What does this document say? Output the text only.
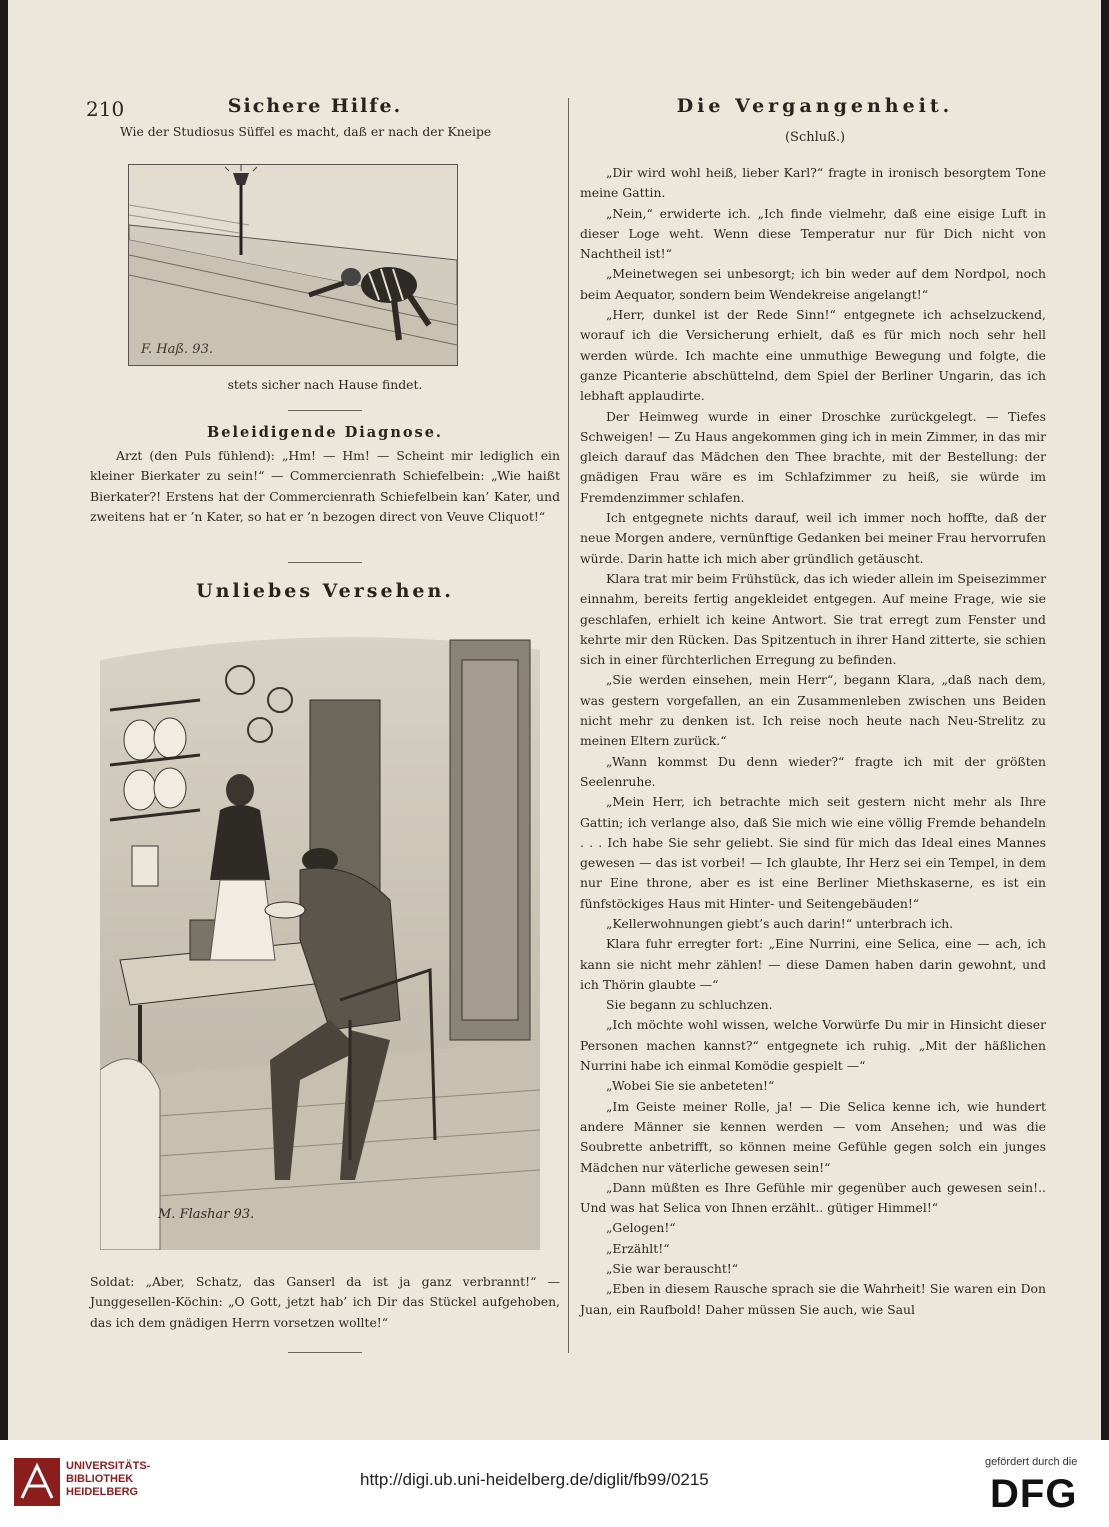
210	Sichere Hilfe.	Die Vergangenheit.
(Schluß.)
Wie der Studiosus Süffel es macht, daß er nach der Kneipe
F. Haß. 93.
stets sicher nach Hause findet.
Beleidigende Diagnose.

Arzt (den Puls fühlend): „Hm! — Hm! — Scheint mir lediglich ein kleiner Bierkater zu sein!“ — Commercienrath Schiefelbein: „Wie haißt Bierkater?! Erstens hat der Commercienrath Schiefelbein kan’ Kater, und zweitens hat er ’n Kater, so hat er ’n bezogen direct von Veuve Cliquot!“

Unliebes Versehen.
M. Flashar 93.

Soldat: „Aber, Schatz, das Ganserl da ist ja ganz verbrannt!“ — Junggesellen-Köchin: „O Gott, jetzt hab’ ich Dir das Stückel aufgehoben, das ich dem gnädigen Herrn vorsetzen wollte!“

„Dir wird wohl heiß, lieber Karl?“ fragte in ironisch besorgtem Tone meine Gattin.

„Nein,“ erwiderte ich. „Ich finde vielmehr, daß eine eisige Luft in dieser Loge weht. Wenn diese Temperatur nur für Dich nicht von Nachtheil ist!“

„Meinetwegen sei unbesorgt; ich bin weder auf dem Nordpol, noch beim Aequator, sondern beim Wendekreise angelangt!“

„Herr, dunkel ist der Rede Sinn!“ entgegnete ich achselzuckend, worauf ich die Versicherung erhielt, daß es für mich noch sehr hell werden würde. Ich machte eine unmuthige Bewegung und folgte, die ganze Picanterie abschüttelnd, dem Spiel der Berliner Ungarin, das ich lebhaft applaudirte.

Der Heimweg wurde in einer Droschke zurückgelegt. — Tiefes Schweigen! — Zu Haus angekommen ging ich in mein Zimmer, in das mir gleich darauf das Mädchen den Thee brachte, mit der Bestellung: der gnädigen Frau wäre es im Schlafzimmer zu heiß, sie würde im Fremdenzimmer schlafen.

Ich entgegnete nichts darauf, weil ich immer noch hoffte, daß der neue Morgen andere, vernünftige Gedanken bei meiner Frau hervorrufen würde. Darin hatte ich mich aber gründlich getäuscht.

Klara trat mir beim Frühstück, das ich wieder allein im Speisezimmer einnahm, bereits fertig angekleidet entgegen. Auf meine Frage, wie sie geschlafen, erhielt ich keine Antwort. Sie trat erregt zum Fenster und kehrte mir den Rücken. Das Spitzentuch in ihrer Hand zitterte, sie schien sich in einer fürchterlichen Erregung zu befinden.

„Sie werden einsehen, mein Herr“, begann Klara, „daß nach dem, was gestern vorgefallen, an ein Zusammenleben zwischen uns Beiden nicht mehr zu denken ist. Ich reise noch heute nach Neu-Strelitz zu meinen Eltern zurück.“

„Wann kommst Du denn wieder?“ fragte ich mit der größten Seelenruhe.

„Mein Herr, ich betrachte mich seit gestern nicht mehr als Ihre Gattin; ich verlange also, daß Sie mich wie eine völlig Fremde behandeln . . . Ich habe Sie sehr geliebt. Sie sind für mich das Ideal eines Mannes gewesen — das ist vorbei! — Ich glaubte, Ihr Herz sei ein Tempel, in dem nur Eine throne, aber es ist eine Berliner Miethskaserne, es ist ein fünfstöckiges Haus mit Hinter- und Seitengebäuden!“

„Kellerwohnungen giebt’s auch darin!“ unterbrach ich.

Klara fuhr erregter fort: „Eine Nurrini, eine Selica, eine — ach, ich kann sie nicht mehr zählen! — diese Damen haben darin gewohnt, und ich Thörin glaubte —“

Sie begann zu schluchzen.

„Ich möchte wohl wissen, welche Vorwürfe Du mir in Hinsicht dieser Personen machen kannst?“ entgegnete ich ruhig. „Mit der häßlichen Nurrini habe ich einmal Komödie gespielt —“

„Wobei Sie sie anbeteten!“

„Im Geiste meiner Rolle, ja! — Die Selica kenne ich, wie hundert andere Männer sie kennen werden — vom Ansehen; und was die Soubrette anbetrifft, so können meine Gefühle gegen solch ein junges Mädchen nur väterliche gewesen sein!“

„Dann müßten es Ihre Gefühle mir gegenüber auch gewesen sein!.. Und was hat Selica von Ihnen erzählt.. gütiger Himmel!“

„Gelogen!“

„Erzählt!“

„Sie war berauscht!“

„Eben in diesem Rausche sprach sie die Wahrheit! Sie waren ein Don Juan, ein Raufbold! Daher müssen Sie auch, wie Saul

UNIVERSITÄTS-
BIBLIOTHEK
HEIDELBERG
http://digi.ub.uni-heidelberg.de/diglit/fb99/0215
gefördert durch die
DFG
